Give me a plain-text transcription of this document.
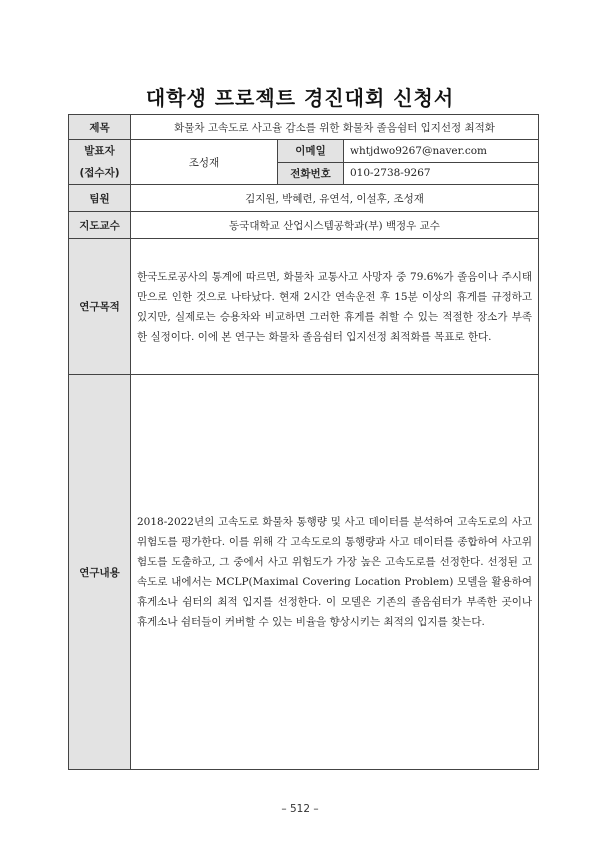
대학생 프로젝트 경진대회 신청서
제목	화물차 고속도로 사고율 감소를 위한 화물차 졸음쉼터 입지선정 최적화		

발표자
(접수자)	조성재	이메일	whtjdwo9267@naver.com
		전화번호	010-2738-9267
팀원	김지원, 박혜련, 유연석, 이설후, 조성재		
지도교수	동국대학교 산업시스템공학과(부) 백정우 교수		
연구목적	한국도로공사의 통계에 따르면, 화물차 교통사고 사망자 중 79.6%가 졸음이나 주시태만으로 인한 것으로 나타났다. 현재 2시간 연속운전 후 15분 이상의 휴게를 규정하고 있지만, 실제로는 승용차와 비교하면 그러한 휴게를 취할 수 있는 적절한 장소가 부족한 실정이다. 이에 본 연구는 화물차 졸음쉼터 입지선정 최적화를 목표로 한다.		
연구내용	2018-2022년의 고속도로 화물차 통행량 및 사고 데이터를 분석하여 고속도로의 사고위험도를 평가한다. 이를 위해 각 고속도로의 통행량과 사고 데이터를 종합하여 사고위험도를 도출하고, 그 중에서 사고 위험도가 가장 높은 고속도로를 선정한다. 선정된 고속도로 내에서는 MCLP(Maximal Covering Location Problem) 모델을 활용하여 휴게소나 쉼터의 최적 입지를 선정한다. 이 모델은 기존의 졸음쉼터가 부족한 곳이나 휴게소나 쉼터들이 커버할 수 있는 비율을 향상시키는 최적의 입지를 찾는다.		
– 512 –
